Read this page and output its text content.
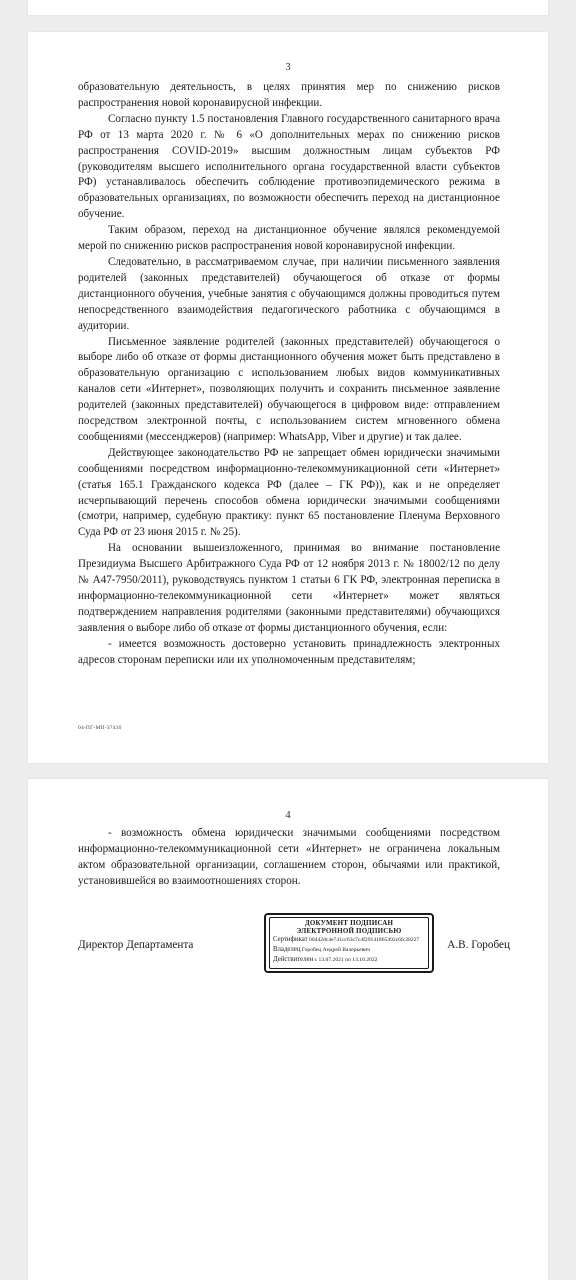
3

образовательную деятельность, в целях принятия мер по снижению рисков распространения новой коронавирусной инфекции.

Согласно пункту 1.5 постановления Главного государственного санитарного врача РФ от 13 марта 2020 г. № 6 «О дополнительных мерах по снижению рисков распространения COVID-2019» высшим должностным лицам субъектов РФ (руководителям высшего исполнительного органа государственной власти субъектов РФ) устанавливалось обеспечить соблюдение противоэпидемического режима в образовательных организациях, по возможности обеспечить переход на дистанционное обучение.

Таким образом, переход на дистанционное обучение являлся рекомендуемой мерой по снижению рисков распространения новой коронавирусной инфекции.

Следовательно, в рассматриваемом случае, при наличии письменного заявления родителей (законных представителей) обучающегося об отказе от формы дистанционного обучения, учебные занятия с обучающимся должны проводиться путем непосредственного взаимодействия педагогического работника с обучающимся в аудитории.

Письменное заявление родителей (законных представителей) обучающегося о выборе либо об отказе от формы дистанционного обучения может быть представлено в образовательную организацию с использованием любых видов коммуникативных каналов сети «Интернет», позволяющих получить и сохранить письменное заявление родителей (законных представителей) обучающегося в цифровом виде: отправлением посредством электронной почты, с использованием систем мгновенного обмена сообщениями (мессенджеров) (например: WhatsApp, Viber и другие) и так далее.

Действующее законодательство РФ не запрещает обмен юридически значимыми сообщениями посредством информационно-телекоммуникационной сети «Интернет» (статья 165.1 Гражданского кодекса РФ (далее – ГК РФ)), как и не определяет исчерпывающий перечень способов обмена юридически значимыми сообщениями (смотри, например, судебную практику: пункт 65 постановление Пленума Верховного Суда РФ от 23 июня 2015 г. № 25).

На основании вышеизложенного, принимая во внимание постановление Президиума Высшего Арбитражного Суда РФ от 12 ноября 2013 г. № 18002/12 по делу № А47-7950/2011), руководствуясь пунктом 1 статьи 6 ГК РФ, электронная переписка в информационно-телекоммуникационной сети «Интернет» может являться подтверждением направления родителями (законными представителями) обучающихся заявления о выборе либо об отказе от формы дистанционного обучения, если:

- имеется возможность достоверно установить принадлежность электронных адресов сторонам переписки или их уполномоченным представителям;

04-ПГ-МП-37430
4

- возможность обмена юридически значимыми сообщениями посредством информационно-телекоммуникационной сети «Интернет» не ограничена локальным актом образовательной организации, соглашением сторон, обычаями или практикой, установившейся во взаимоотношениях сторон.

Директор Департамента
ДОКУМЕНТ ПОДПИСАН
ЭЛЕКТРОННОЙ ПОДПИСЬЮ
Сертификат 00442dc4e741cc63c7c4f29141865492c6fc28227
Владелец Горобец Андрей Валерьевич
Действителен с 13.07.2021 по 13.10.2022
А.В. Горобец
